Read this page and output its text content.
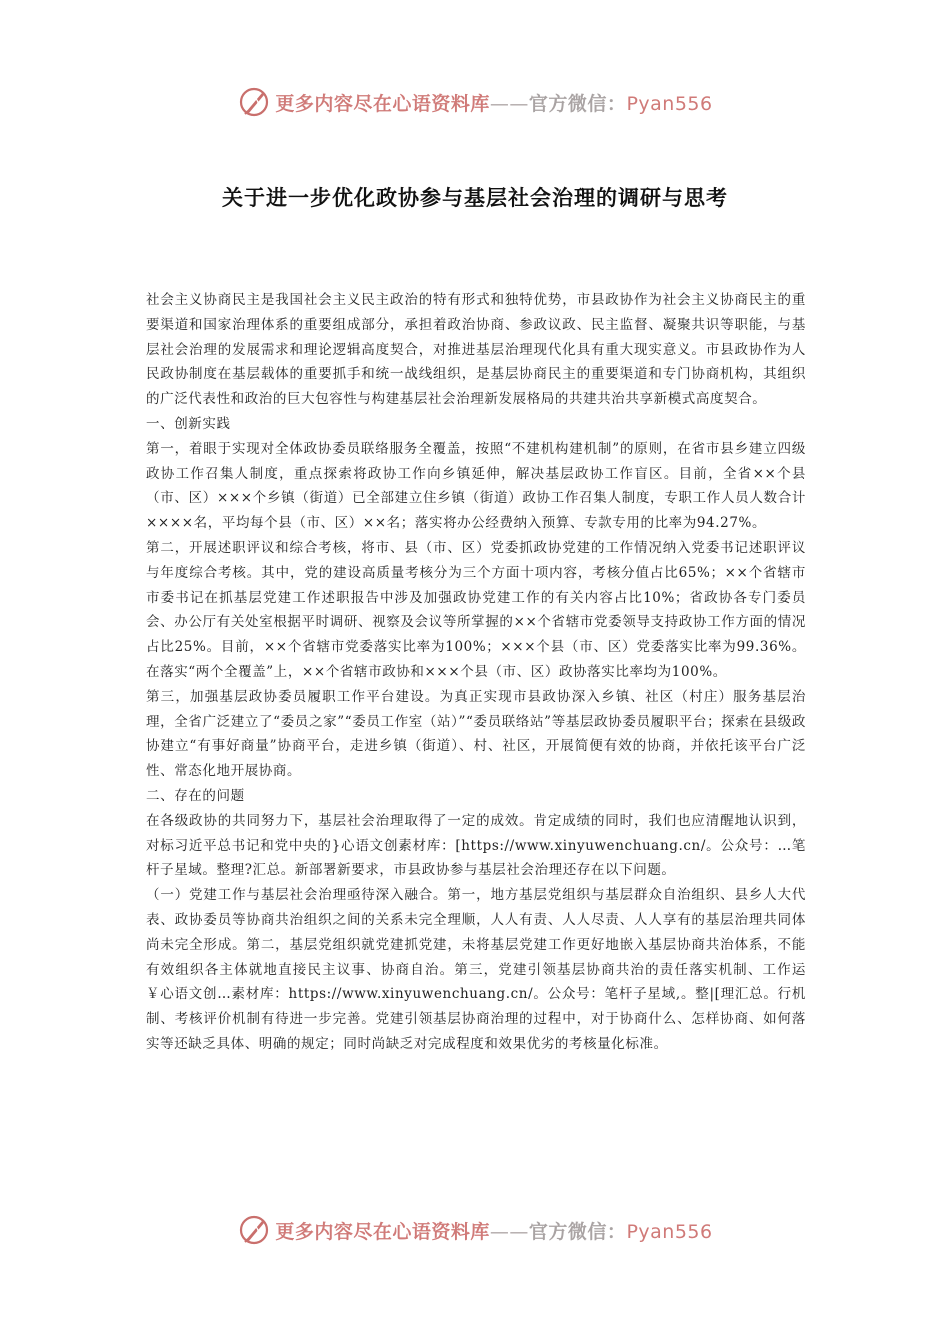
更多内容尽在心语资料库——官方微信：Pyan556
关于进一步优化政协参与基层社会治理的调研与思考

社会主义协商民主是我国社会主义民主政治的特有形式和独特优势，市县政协作为社会主义协商民主的重要渠道和国家治理体系的重要组成部分，承担着政治协商、参政议政、民主监督、凝聚共识等职能，与基层社会治理的发展需求和理论逻辑高度契合，对推进基层治理现代化具有重大现实意义。市县政协作为人民政协制度在基层载体的重要抓手和统一战线组织，是基层协商民主的重要渠道和专门协商机构，其组织的广泛代表性和政治的巨大包容性与构建基层社会治理新发展格局的共建共治共享新模式高度契合。

一、创新实践

第一，着眼于实现对全体政协委员联络服务全覆盖，按照“不建机构建机制”的原则，在省市县乡建立四级政协工作召集人制度，重点探索将政协工作向乡镇延伸，解决基层政协工作盲区。目前，全省××个县（市、区）×××个乡镇（街道）已全部建立住乡镇（街道）政协工作召集人制度，专职工作人员人数合计××××名，平均每个县（市、区）××名；落实将办公经费纳入预算、专款专用的比率为94.27%。

第二，开展述职评议和综合考核，将市、县（市、区）党委抓政协党建的工作情况纳入党委书记述职评议与年度综合考核。其中，党的建设高质量考核分为三个方面十项内容，考核分值占比65%；××个省辖市市委书记在抓基层党建工作述职报告中涉及加强政协党建工作的有关内容占比10%；省政协各专门委员会、办公厅有关处室根据平时调研、视察及会议等所掌握的××个省辖市党委领导支持政协工作方面的情况占比25%。目前，××个省辖市党委落实比率为100%；×××个县（市、区）党委落实比率为99.36%。在落实“两个全覆盖”上，××个省辖市政协和×××个县（市、区）政协落实比率均为100%。

第三，加强基层政协委员履职工作平台建设。为真正实现市县政协深入乡镇、社区（村庄）服务基层治理，全省广泛建立了“委员之家”“委员工作室（站）”“委员联络站”等基层政协委员履职平台；探索在县级政协建立“有事好商量”协商平台，走进乡镇（街道）、村、社区，开展简便有效的协商，并依托该平台广泛性、常态化地开展协商。

二、存在的问题

在各级政协的共同努力下，基层社会治理取得了一定的成效。肯定成绩的同时，我们也应清醒地认识到，对标习近平总书记和党中央的}心语文创素材库：[https://www.xinyuwenchuang.cn/。公众号：…笔杆子星域。整理?汇总。新部署新要求，市县政协参与基层社会治理还存在以下问题。

（一）党建工作与基层社会治理亟待深入融合。第一，地方基层党组织与基层群众自治组织、县乡人大代表、政协委员等协商共治组织之间的关系未完全理顺，人人有责、人人尽责、人人享有的基层治理共同体尚未完全形成。第二，基层党组织就党建抓党建，未将基层党建工作更好地嵌入基层协商共治体系，不能有效组织各主体就地直接民主议事、协商自治。第三，党建引领基层协商共治的责任落实机制、工作运￥心语文创…素材库：https://www.xinyuwenchuang.cn/。公众号：笔杆子星域,。整|[理汇总。行机制、考核评价机制有待进一步完善。党建引领基层协商治理的过程中，对于协商什么、怎样协商、如何落实等还缺乏具体、明确的规定；同时尚缺乏对完成程度和效果优劣的考核量化标准。

更多内容尽在心语资料库——官方微信：Pyan556
